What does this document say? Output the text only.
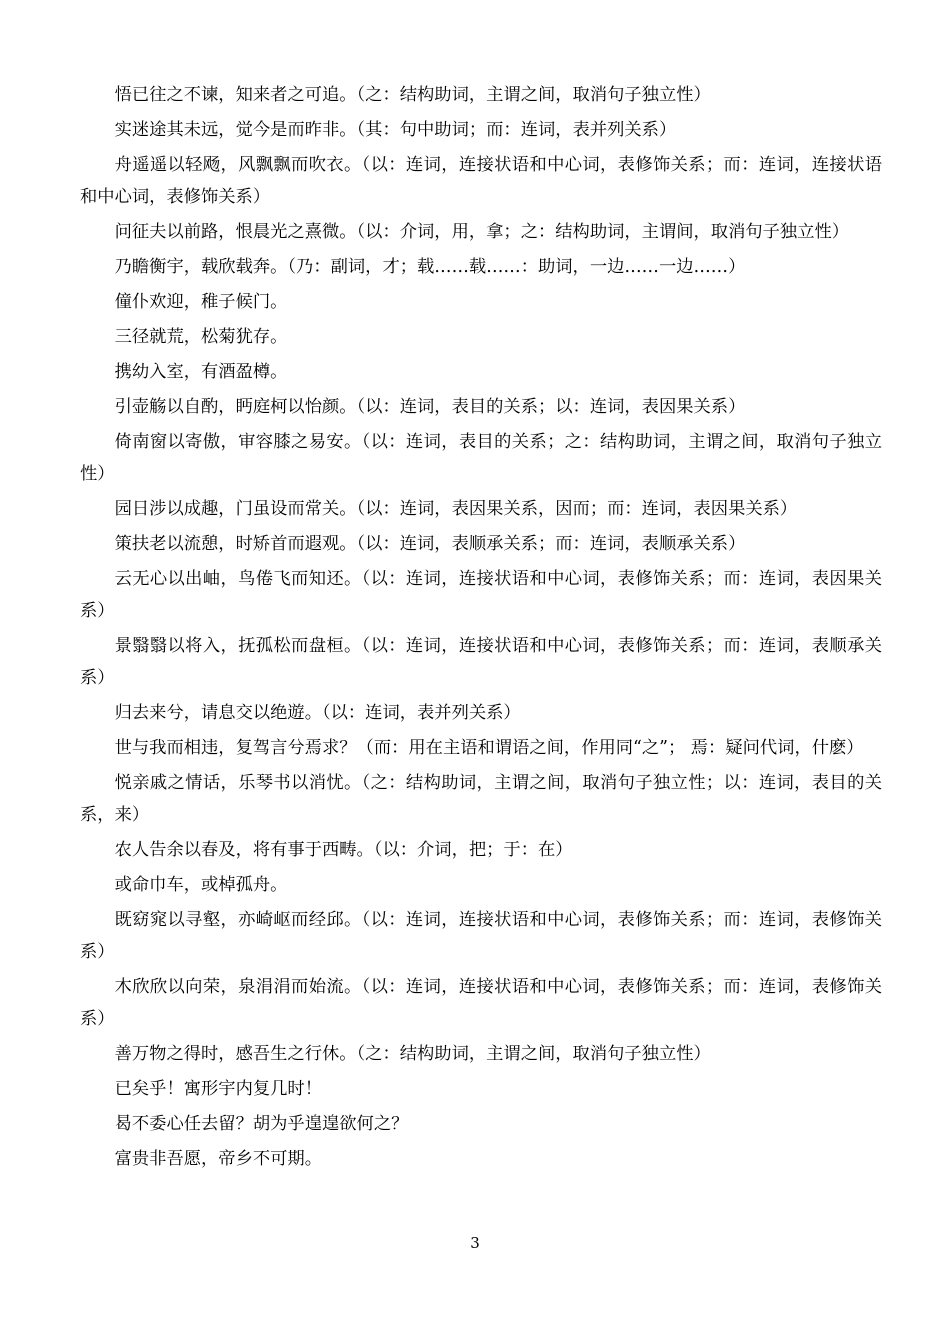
悟已往之不谏，知来者之可追。（之：结构助词，主谓之间，取消句子独立性）

实迷途其未远，觉今是而昨非。（其：句中助词；而：连词，表并列关系）

舟遥遥以轻飏，风飘飘而吹衣。（以：连词，连接状语和中心词，表修饰关系；而：连词，连接状语和中心词，表修饰关系）

问征夫以前路，恨晨光之熹微。（以：介词，用，拿；之：结构助词，主谓间，取消句子独立性）

乃瞻衡宇，载欣载奔。（乃：副词，才；载……载……：助词，一边……一边……）

僮仆欢迎，稚子候门。

三径就荒，松菊犹存。

携幼入室，有酒盈樽。

引壶觞以自酌，眄庭柯以怡颜。（以：连词，表目的关系；以：连词，表因果关系）

倚南窗以寄傲，审容膝之易安。（以：连词，表目的关系；之：结构助词，主谓之间，取消句子独立性）

园日涉以成趣，门虽设而常关。（以：连词，表因果关系，因而；而：连词，表因果关系）

策扶老以流憩，时矫首而遐观。（以：连词，表顺承关系；而：连词，表顺承关系）

云无心以出岫，鸟倦飞而知还。（以：连词，连接状语和中心词，表修饰关系；而：连词，表因果关系）

景翳翳以将入，抚孤松而盘桓。（以：连词，连接状语和中心词，表修饰关系；而：连词，表顺承关系）

归去来兮，请息交以绝遊。（以：连词，表并列关系）

世与我而相违，复驾言兮焉求？（而：用在主语和谓语之间，作用同“之”； 焉：疑问代词，什麽）

悦亲戚之情话，乐琴书以消忧。（之：结构助词，主谓之间，取消句子独立性；以：连词，表目的关系，来）

农人告余以春及，将有事于西畴。（以：介词，把；于：在）

或命巾车，或棹孤舟。

既窈窕以寻壑，亦崎岖而经邱。（以：连词，连接状语和中心词，表修饰关系；而：连词，表修饰关系）

木欣欣以向荣，泉涓涓而始流。（以：连词，连接状语和中心词，表修饰关系；而：连词，表修饰关系）

善万物之得时，感吾生之行休。（之：结构助词，主谓之间，取消句子独立性）

已矣乎！寓形宇内复几时！

曷不委心任去留？胡为乎遑遑欲何之？

富贵非吾愿，帝乡不可期。

3
